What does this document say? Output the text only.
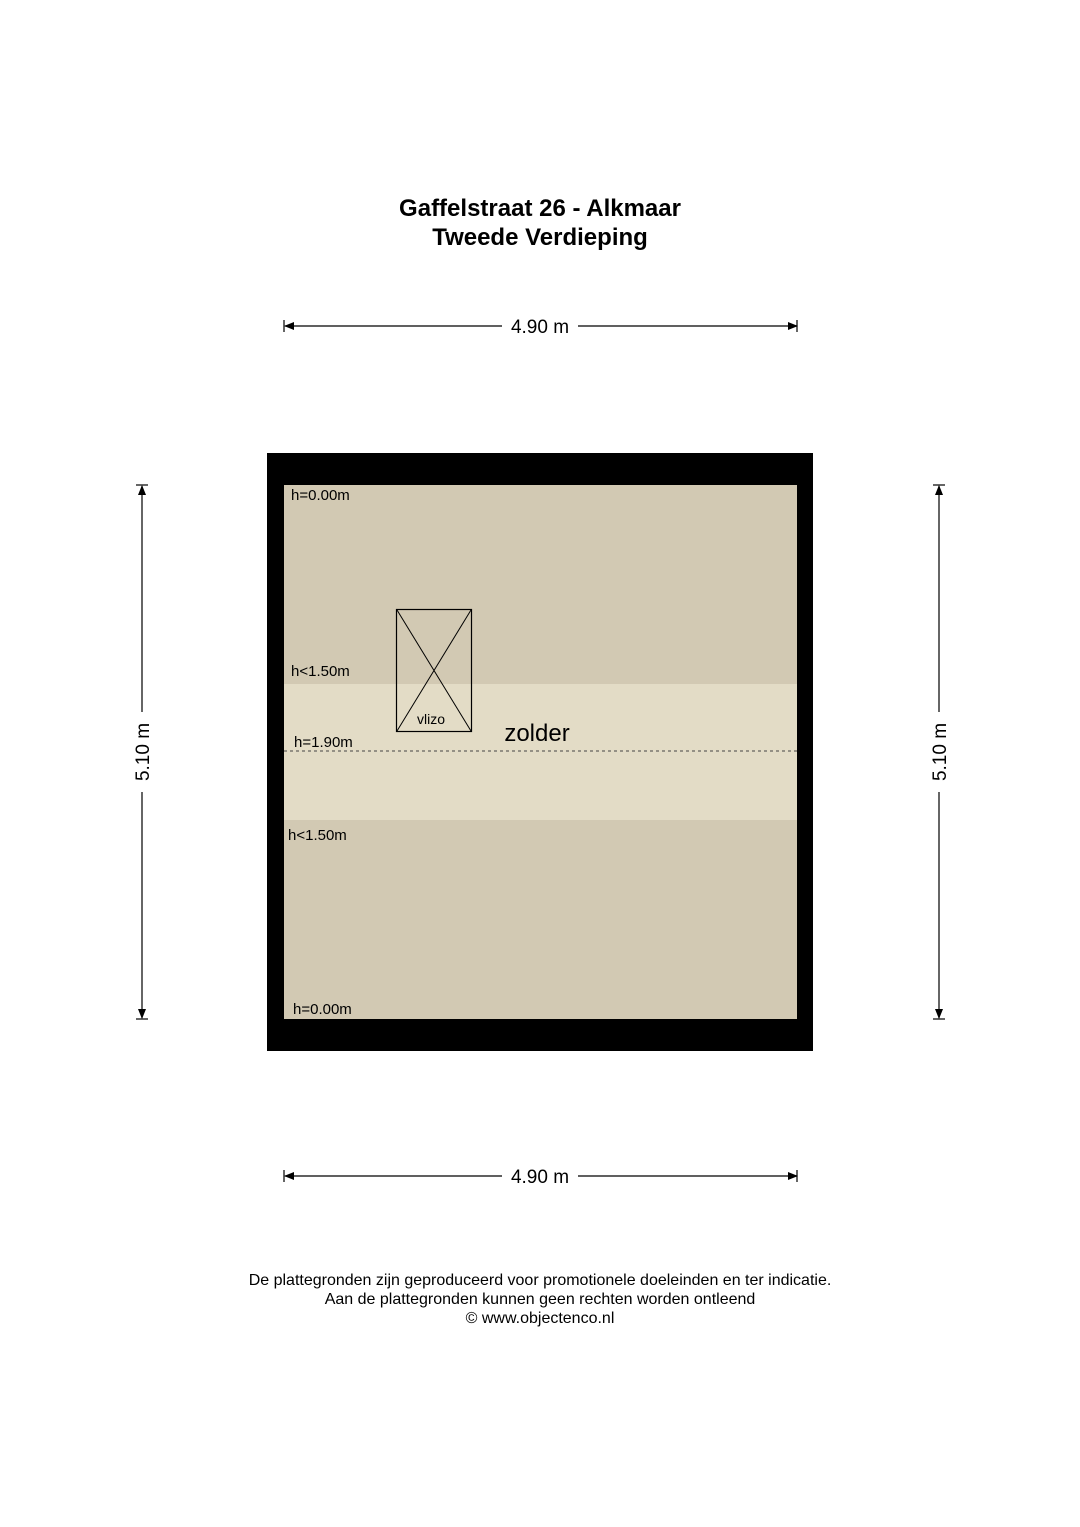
Gaffelstraat 26 - Alkmaar
Tweede Verdieping
4.90 m
4.90 m
5.10 m	5.10 m
h=0.00m
h<1.50m
h=1.90m
h<1.50m
h=0.00m
vlizo
zolder
De plattegronden zijn geproduceerd voor promotionele doeleinden en ter indicatie.
Aan de plattegronden kunnen geen rechten worden ontleend
© www.objectenco.nl
